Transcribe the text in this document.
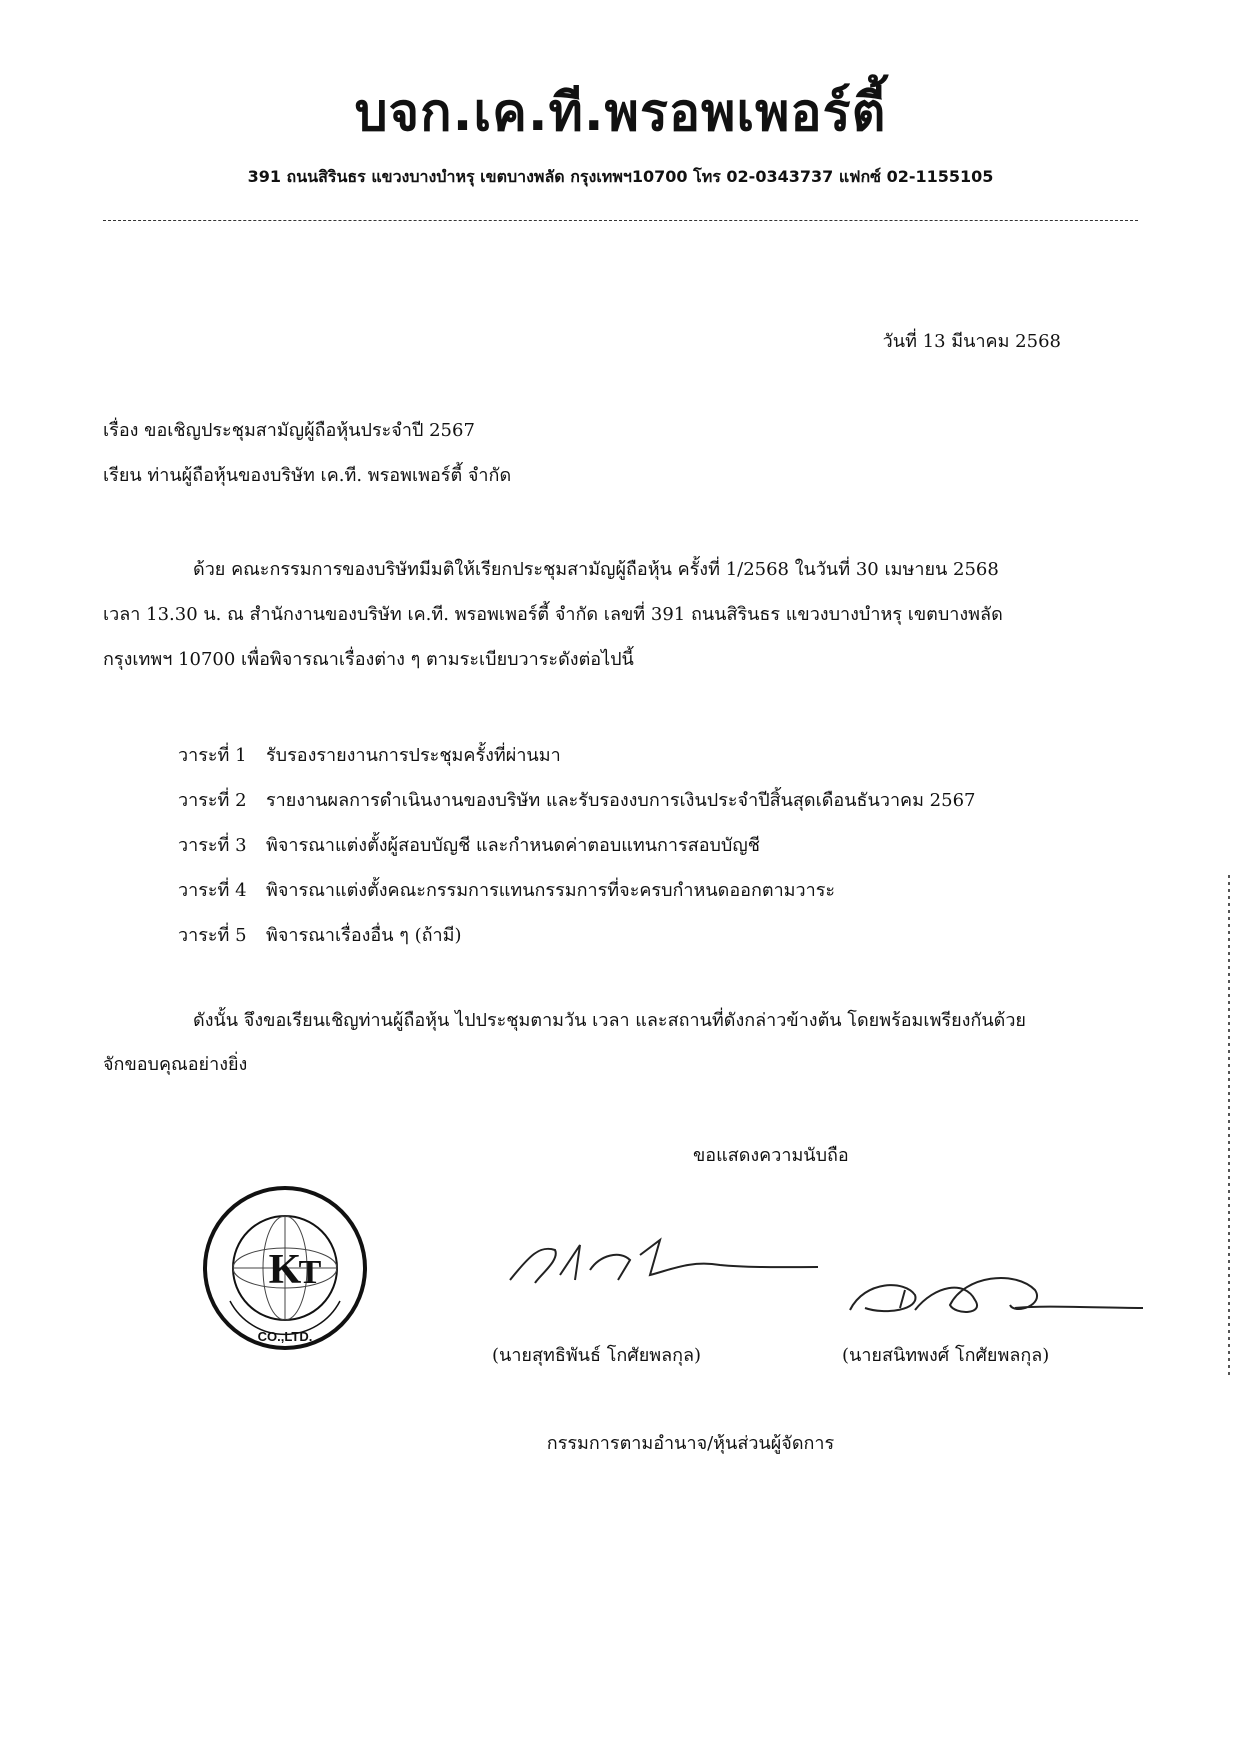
บจก.เค.ที.พรอพเพอร์ตี้
391 ถนนสิรินธร แขวงบางบำหรุ เขตบางพลัด กรุงเทพฯ10700 โทร 02-0343737 แฟกซ์ 02-1155105
วันที่ 13 มีนาคม 2568
เรื่อง ขอเชิญประชุมสามัญผู้ถือหุ้นประจำปี 2567
เรียน ท่านผู้ถือหุ้นของบริษัท เค.ที. พรอพเพอร์ตี้ จำกัด
ด้วย คณะกรรมการของบริษัทมีมติให้เรียกประชุมสามัญผู้ถือหุ้น ครั้งที่ 1/2568 ในวันที่ 30 เมษายน 2568
เวลา 13.30 น. ณ สำนักงานของบริษัท เค.ที. พรอพเพอร์ตี้ จำกัด เลขที่ 391 ถนนสิรินธร แขวงบางบำหรุ เขตบางพลัด
กรุงเทพฯ 10700 เพื่อพิจารณาเรื่องต่าง ๆ ตามระเบียบวาระดังต่อไปนี้
วาระที่ 1 รับรองรายงานการประชุมครั้งที่ผ่านมา
วาระที่ 2 รายงานผลการดำเนินงานของบริษัท และรับรองงบการเงินประจำปีสิ้นสุดเดือนธันวาคม 2567
วาระที่ 3 พิจารณาแต่งตั้งผู้สอบบัญชี และกำหนดค่าตอบแทนการสอบบัญชี
วาระที่ 4 พิจารณาแต่งตั้งคณะกรรมการแทนกรรมการที่จะครบกำหนดออกตามวาระ
วาระที่ 5 พิจารณาเรื่องอื่น ๆ (ถ้ามี)
ดังนั้น จึงขอเรียนเชิญท่านผู้ถือหุ้น ไปประชุมตามวัน เวลา และสถานที่ดังกล่าวข้างต้น โดยพร้อมเพรียงกันด้วย
จักขอบคุณอย่างยิ่ง
ขอแสดงความนับถือ
K
T
CO.,LTD.
(นายสุทธิพันธ์ โกศัยพลกุล)	(นายสนิทพงศ์ โกศัยพลกุล)
กรรมการตามอำนาจ/หุ้นส่วนผู้จัดการ
